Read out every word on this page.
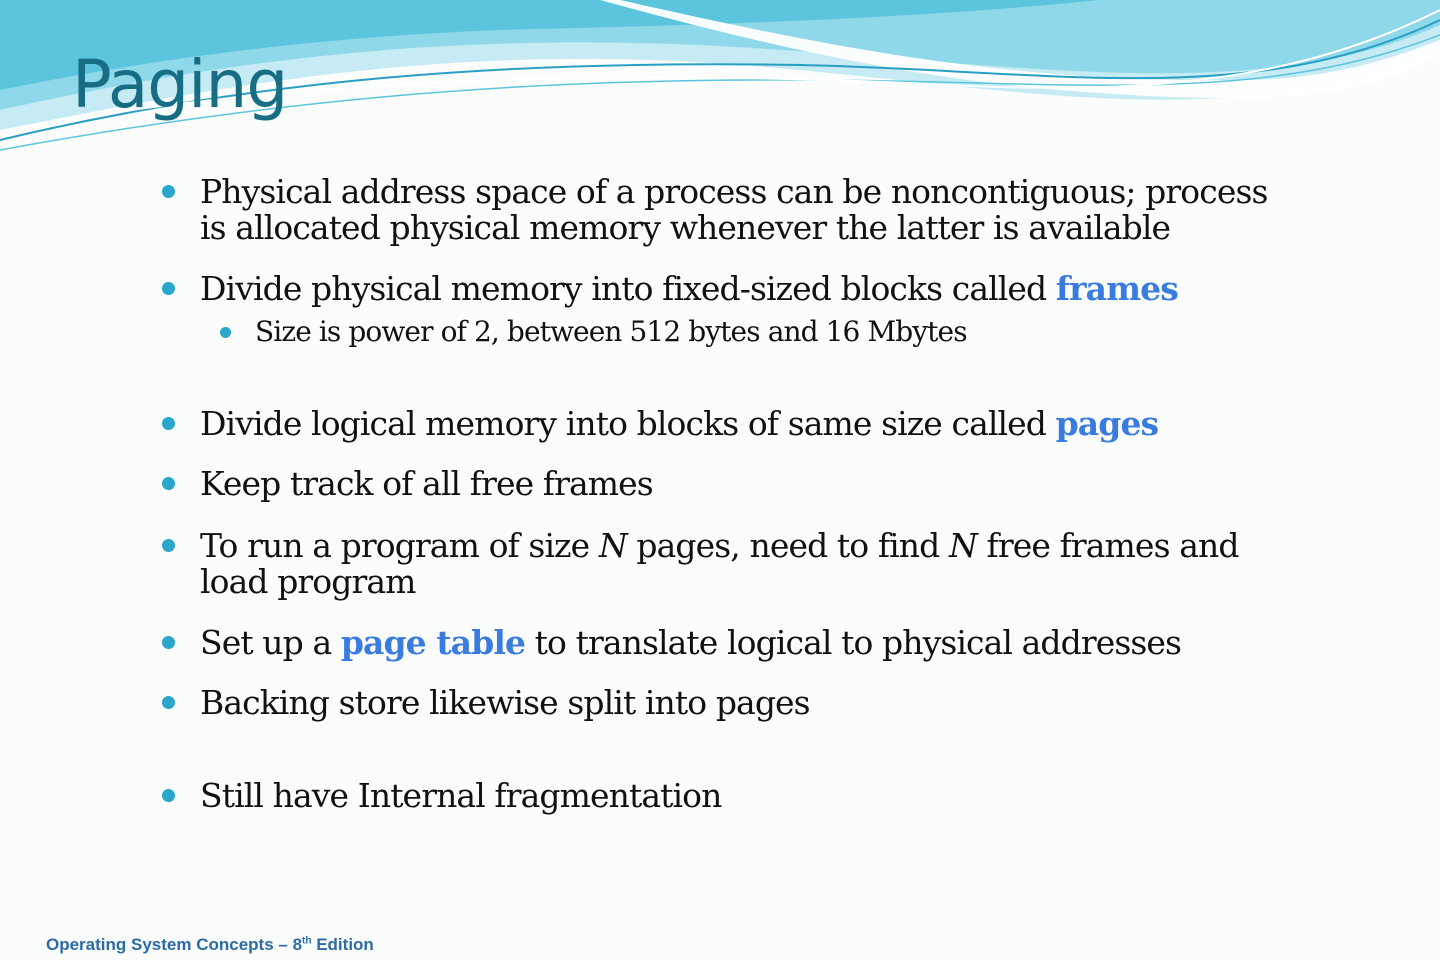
Paging
Physical address space of a process can be noncontiguous; process
is allocated physical memory whenever the latter is available
Divide physical memory into fixed-sized blocks called frames
Size is power of 2, between 512 bytes and 16 Mbytes
Divide logical memory into blocks of same size called pages
Keep track of all free frames
To run a program of size N pages, need to find N free frames and
load program
Set up a page table to translate logical to physical addresses
Backing store likewise split into pages
Still have Internal fragmentation
Operating System Concepts – 8th Edition
